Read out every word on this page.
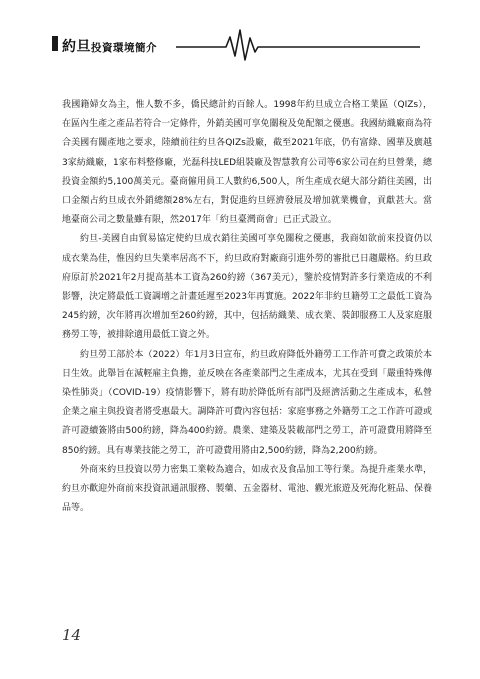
約旦投資環境簡介

我國籍婦女為主，惟人數不多，僑民總計約百餘人。1998年約旦成立合格工業區（QIZs），在區內生產之產品若符合一定條件，外銷美國可享免關稅及免配額之優惠。我國紡織廠商為符合美國有關產地之要求，陸續前往約旦各QIZs設廠，截至2021年底，仍有富綠、國華及廣越3家紡織廠，1家布料整修廠，光磊科技LED組裝廠及智慧教育公司等6家公司在約旦營業，總投資金額約5,100萬美元。臺商僱用員工人數約6,500人，所生產成衣絕大部分銷往美國，出口金額占約旦成衣外銷總額28%左右，對促進約旦經濟發展及增加就業機會，貢獻甚大。當地臺商公司之數量雖有限，然2017年「約旦臺灣商會」已正式設立。

約旦-美國自由貿易協定使約旦成衣銷往美國可享免關稅之優惠，我商如欲前來投資仍以成衣業為佳，惟因約旦失業率居高不下，約旦政府對廠商引進外勞的審批已日趨嚴格。約旦政府原訂於2021年2月提高基本工資為260約鎊（367美元），鑒於疫情對許多行業造成的不利影響，決定將最低工資調增之計畫延遲至2023年再實施。2022年非約旦籍勞工之最低工資為245約鎊，次年將再次增加至260約鎊，其中，包括紡織業、成衣業、裝卸服務工人及家庭服務勞工等，被排除適用最低工資之外。

約旦勞工部於本（2022）年1月3日宣布，約旦政府降低外籍勞工工作許可費之政策於本日生效。此舉旨在減輕雇主負擔，並反映在各產業部門之生產成本，尤其在受到「嚴重特殊傳染性肺炎」（COVID-19）疫情影響下，將有助於降低所有部門及經濟活動之生產成本，私營企業之雇主與投資者將受惠最大。調降許可費內容包括：家庭事務之外籍勞工之工作許可證或許可證續簽將由500約鎊，降為400約鎊。農業、建築及裝載部門之勞工，許可證費用將降至850約鎊。具有專業技能之勞工，許可證費用將由2,500約鎊，降為2,200約鎊。

外商來約旦投資以勞力密集工業較為適合，如成衣及食品加工等行業。為提升產業水準，約旦亦歡迎外商前來投資訊通訊服務、製藥、五金器材、電池、觀光旅遊及死海化粧品、保養品等。

14
